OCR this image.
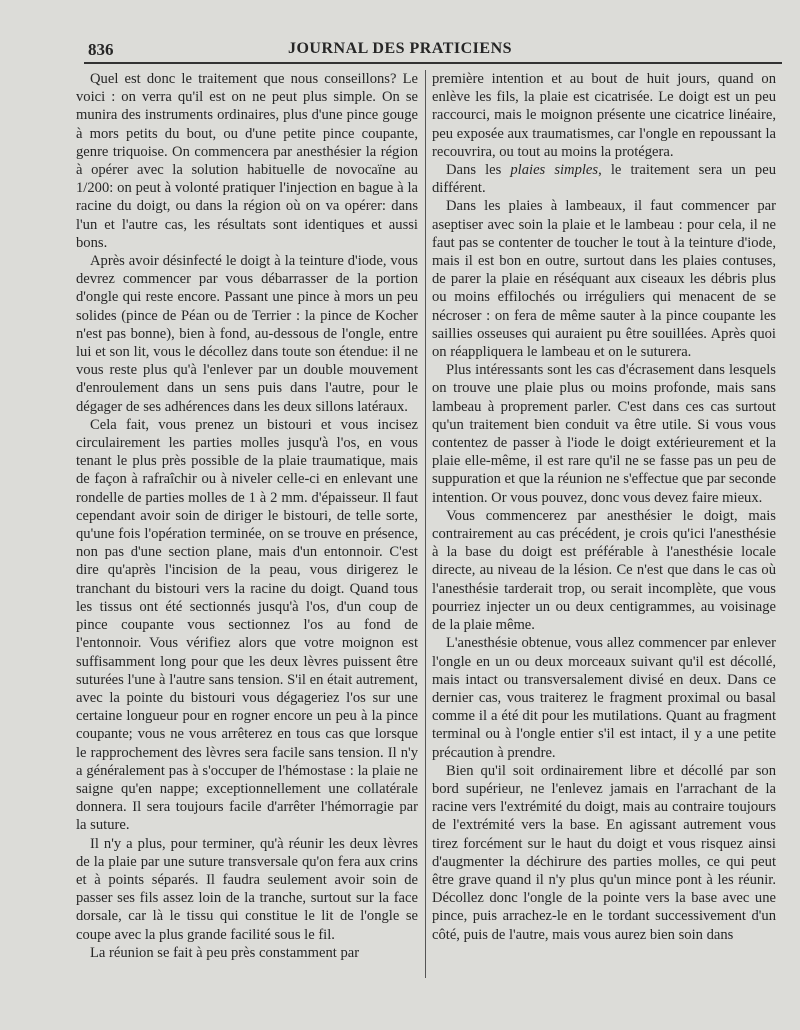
836	JOURNAL DES PRATICIENS

Quel est donc le traitement que nous conseillons? Le voici : on verra qu'il est on ne peut plus simple. On se munira des instruments ordinaires, plus d'une pince gouge à mors petits du bout, ou d'une petite pince coupante, genre triquoise. On commencera par anesthésier la région à opérer avec la solution habituelle de novocaïne au 1/200: on peut à volonté pratiquer l'injection en bague à la racine du doigt, ou dans la région où on va opérer: dans l'un et l'autre cas, les résultats sont identiques et aussi bons.

Après avoir désinfecté le doigt à la teinture d'iode, vous devrez commencer par vous débarrasser de la portion d'ongle qui reste encore. Passant une pince à mors un peu solides (pince de Péan ou de Terrier : la pince de Kocher n'est pas bonne), bien à fond, au-dessous de l'ongle, entre lui et son lit, vous le décollez dans toute son étendue: il ne vous reste plus qu'à l'enlever par un double mouvement d'enroulement dans un sens puis dans l'autre, pour le dégager de ses adhérences dans les deux sillons latéraux.

Cela fait, vous prenez un bistouri et vous incisez circulairement les parties molles jusqu'à l'os, en vous tenant le plus près possible de la plaie traumatique, mais de façon à rafraîchir ou à niveler celle-ci en enlevant une rondelle de parties molles de 1 à 2 mm. d'épaisseur. Il faut cependant avoir soin de diriger le bistouri, de telle sorte, qu'une fois l'opération terminée, on se trouve en présence, non pas d'une section plane, mais d'un entonnoir. C'est dire qu'après l'incision de la peau, vous dirigerez le tranchant du bistouri vers la racine du doigt. Quand tous les tissus ont été sectionnés jusqu'à l'os, d'un coup de pince coupante vous sectionnez l'os au fond de l'entonnoir. Vous vérifiez alors que votre moignon est suffisamment long pour que les deux lèvres puissent être suturées l'une à l'autre sans tension. S'il en était autrement, avec la pointe du bistouri vous dégageriez l'os sur une certaine longueur pour en rogner encore un peu à la pince coupante; vous ne vous arrêterez en tous cas que lorsque le rapprochement des lèvres sera facile sans tension. Il n'y a généralement pas à s'occuper de l'hémostase : la plaie ne saigne qu'en nappe; exceptionnellement une collatérale donnera. Il sera toujours facile d'arrêter l'hémorragie par la suture.

Il n'y a plus, pour terminer, qu'à réunir les deux lèvres de la plaie par une suture transversale qu'on fera aux crins et à points séparés. Il faudra seulement avoir soin de passer ses fils assez loin de la tranche, surtout sur la face dorsale, car là le tissu qui constitue le lit de l'ongle se coupe avec la plus grande facilité sous le fil.

La réunion se fait à peu près constamment par

première intention et au bout de huit jours, quand on enlève les fils, la plaie est cicatrisée. Le doigt est un peu raccourci, mais le moignon présente une cicatrice linéaire, peu exposée aux traumatismes, car l'ongle en repoussant la recouvrira, ou tout au moins la protégera.

Dans les plaies simples, le traitement sera un peu différent.

Dans les plaies à lambeaux, il faut commencer par aseptiser avec soin la plaie et le lambeau : pour cela, il ne faut pas se contenter de toucher le tout à la teinture d'iode, mais il est bon en outre, surtout dans les plaies contuses, de parer la plaie en réséquant aux ciseaux les débris plus ou moins effilochés ou irréguliers qui menacent de se nécroser : on fera de même sauter à la pince coupante les saillies osseuses qui auraient pu être souillées. Après quoi on réappliquera le lambeau et on le suturera.

Plus intéressants sont les cas d'écrasement dans lesquels on trouve une plaie plus ou moins profonde, mais sans lambeau à proprement parler. C'est dans ces cas surtout qu'un traitement bien conduit va être utile. Si vous vous contentez de passer à l'iode le doigt extérieurement et la plaie elle-même, il est rare qu'il ne se fasse pas un peu de suppuration et que la réunion ne s'effectue que par seconde intention. Or vous pouvez, donc vous devez faire mieux.

Vous commencerez par anesthésier le doigt, mais contrairement au cas précédent, je crois qu'ici l'anesthésie à la base du doigt est préférable à l'anesthésie locale directe, au niveau de la lésion. Ce n'est que dans le cas où l'anesthésie tarderait trop, ou serait incomplète, que vous pourriez injecter un ou deux centigrammes, au voisinage de la plaie même.

L'anesthésie obtenue, vous allez commencer par enlever l'ongle en un ou deux morceaux suivant qu'il est décollé, mais intact ou transversalement divisé en deux. Dans ce dernier cas, vous traiterez le fragment proximal ou basal comme il a été dit pour les mutilations. Quant au fragment terminal ou à l'ongle entier s'il est intact, il y a une petite précaution à prendre.

Bien qu'il soit ordinairement libre et décollé par son bord supérieur, ne l'enlevez jamais en l'arrachant de la racine vers l'extrémité du doigt, mais au contraire toujours de l'extrémité vers la base. En agissant autrement vous tirez forcément sur le haut du doigt et vous risquez ainsi d'augmenter la déchirure des parties molles, ce qui peut être grave quand il n'y plus qu'un mince pont à les réunir. Décollez donc l'ongle de la pointe vers la base avec une pince, puis arrachez-le en le tordant successivement d'un côté, puis de l'autre, mais vous aurez bien soin dans
